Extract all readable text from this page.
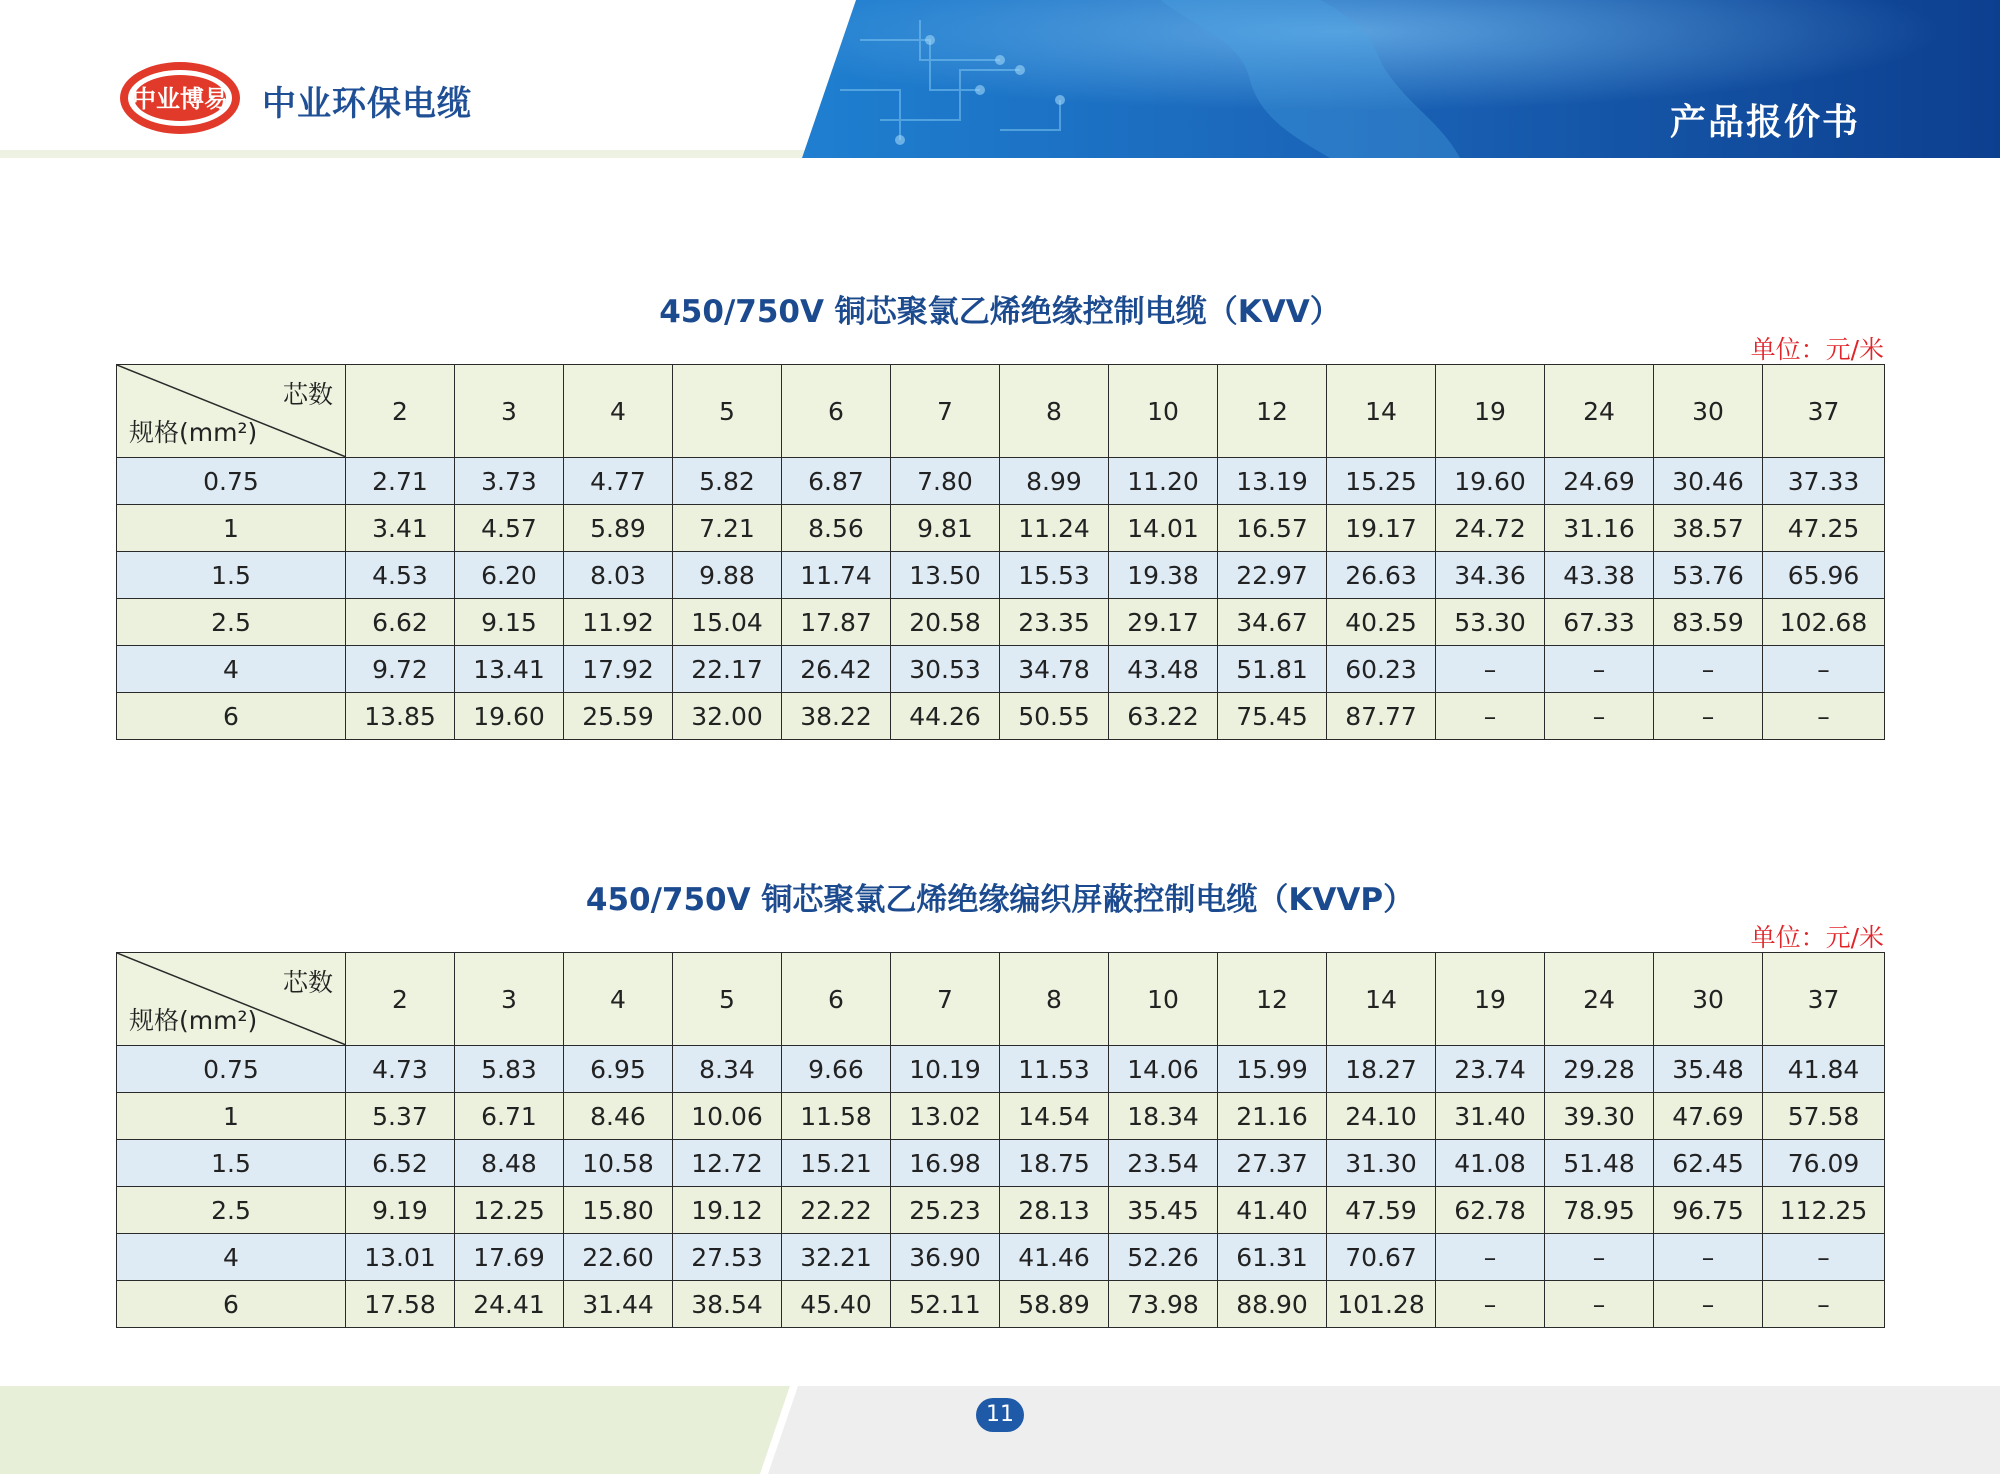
中业博易 中业环保电缆	产品报价书
450/750V 铜芯聚氯乙烯绝缘控制电缆（KVV）
单位：元/米
芯数
规格(mm²)	2	3	4	5	6	7	8	10	12	14	19	24	30	37
0.75	2.71	3.73	4.77	5.82	6.87	7.80	8.99	11.20	13.19	15.25	19.60	24.69	30.46	37.33
1	3.41	4.57	5.89	7.21	8.56	9.81	11.24	14.01	16.57	19.17	24.72	31.16	38.57	47.25
1.5	4.53	6.20	8.03	9.88	11.74	13.50	15.53	19.38	22.97	26.63	34.36	43.38	53.76	65.96
2.5	6.62	9.15	11.92	15.04	17.87	20.58	23.35	29.17	34.67	40.25	53.30	67.33	83.59	102.68
4	9.72	13.41	17.92	22.17	26.42	30.53	34.78	43.48	51.81	60.23	–	–	–	–
6	13.85	19.60	25.59	32.00	38.22	44.26	50.55	63.22	75.45	87.77	–	–	–	–
450/750V 铜芯聚氯乙烯绝缘编织屏蔽控制电缆（KVVP）
单位：元/米
芯数
规格(mm²)	2	3	4	5	6	7	8	10	12	14	19	24	30	37
0.75	4.73	5.83	6.95	8.34	9.66	10.19	11.53	14.06	15.99	18.27	23.74	29.28	35.48	41.84
1	5.37	6.71	8.46	10.06	11.58	13.02	14.54	18.34	21.16	24.10	31.40	39.30	47.69	57.58
1.5	6.52	8.48	10.58	12.72	15.21	16.98	18.75	23.54	27.37	31.30	41.08	51.48	62.45	76.09
2.5	9.19	12.25	15.80	19.12	22.22	25.23	28.13	35.45	41.40	47.59	62.78	78.95	96.75	112.25
4	13.01	17.69	22.60	27.53	32.21	36.90	41.46	52.26	61.31	70.67	–	–	–	–
6	17.58	24.41	31.44	38.54	45.40	52.11	58.89	73.98	88.90	101.28	–	–	–	–
11
